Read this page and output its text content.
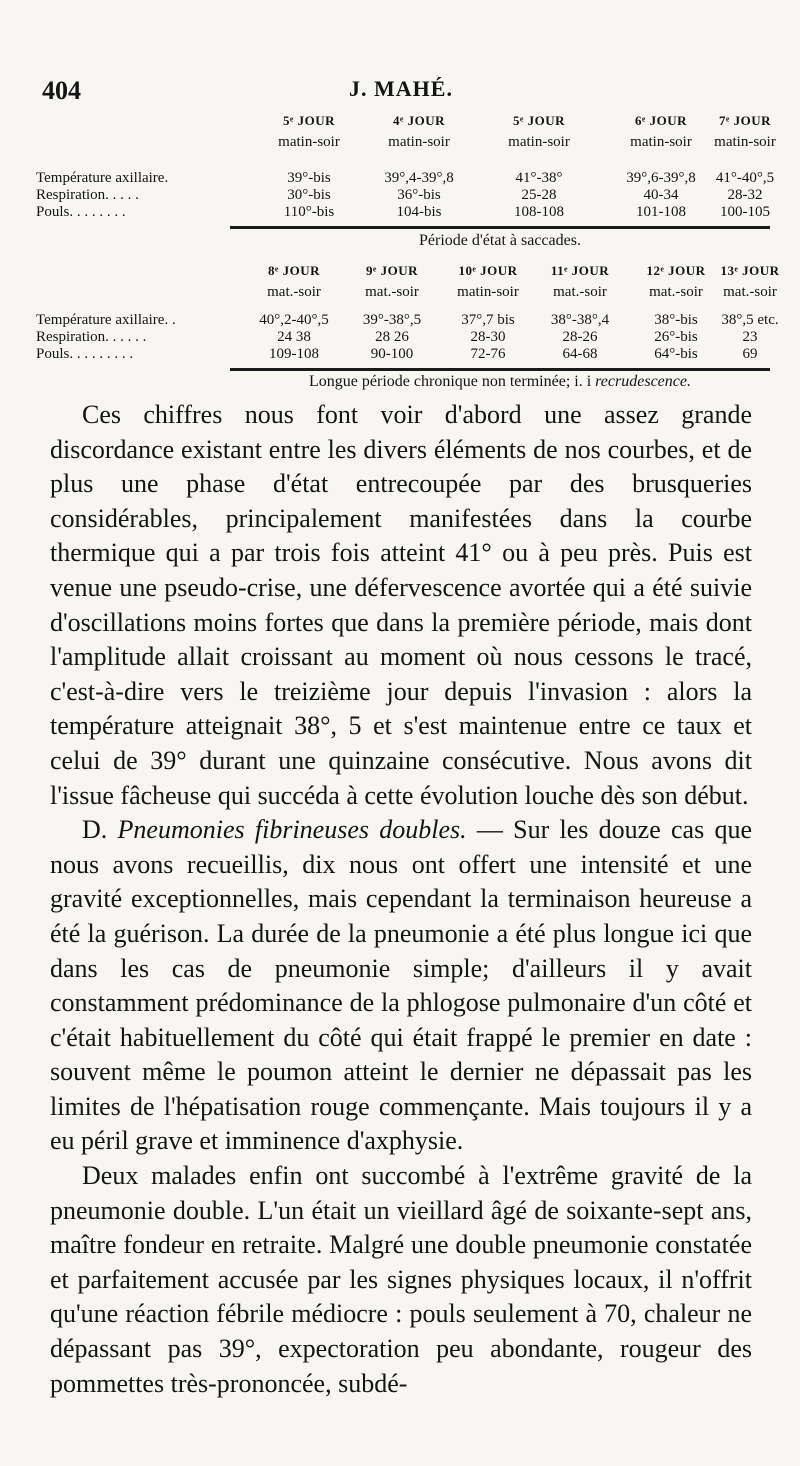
404	J. MAHÉ.
5ᵉ JOUR	4ᵉ JOUR	5ᵉ JOUR	6ᵉ JOUR	7ᵉ JOUR
matin-soir	matin-soir	matin-soir	matin-soir	matin-soir
Température axillaire.	39°-bis	39°,4-39°,8	41°-38°	39°,6-39°,8	41°-40°,5
Respiration. . . . .	30°-bis	36°-bis	25-28	40-34	28-32
Pouls. . . . . . . .	110°-bis	104-bis	108-108	101-108	100-105
Période d'état à saccades.
8ᵉ JOUR	9ᵉ JOUR	10ᵉ JOUR	11ᵉ JOUR	12ᵉ JOUR	13ᵉ JOUR
mat.-soir	mat.-soir	matin-soir	mat.-soir	mat.-soir	mat.-soir
Température axillaire. .	40°,2-40°,5	39°-38°,5	37°,7 bis	38°-38°,4	38°-bis	38°,5 etc.
Respiration. . . . . .	24 38	28 26	28-30	28-26	26°-bis	23
Pouls. . . . . . . . .	109-108	90-100	72-76	64-68	64°-bis	69
Longue période chronique non terminée; i. i recrudescence.

Ces chiffres nous font voir d'abord une assez grande discordance existant entre les divers éléments de nos courbes, et de plus une phase d'état entrecoupée par des brusqueries considérables, principalement manifestées dans la courbe thermique qui a par trois fois atteint 41° ou à peu près. Puis est venue une pseudo-crise, une défervescence avortée qui a été suivie d'oscillations moins fortes que dans la première période, mais dont l'amplitude allait croissant au moment où nous cessons le tracé, c'est-à-dire vers le treizième jour depuis l'invasion : alors la température atteignait 38°, 5 et s'est maintenue entre ce taux et celui de 39° durant une quinzaine consécutive. Nous avons dit l'issue fâcheuse qui succéda à cette évolution louche dès son début.

D. Pneumonies fibrineuses doubles. — Sur les douze cas que nous avons recueillis, dix nous ont offert une intensité et une gravité exceptionnelles, mais cependant la terminaison heureuse a été la guérison. La durée de la pneumonie a été plus longue ici que dans les cas de pneumonie simple; d'ailleurs il y avait constamment prédominance de la phlogose pulmonaire d'un côté et c'était habituellement du côté qui était frappé le premier en date : souvent même le poumon atteint le dernier ne dépassait pas les limites de l'hépatisation rouge commençante. Mais toujours il y a eu péril grave et imminence d'axphysie.

Deux malades enfin ont succombé à l'extrême gravité de la pneumonie double. L'un était un vieillard âgé de soixante-sept ans, maître fondeur en retraite. Malgré une double pneumonie constatée et parfaitement accusée par les signes physiques locaux, il n'offrit qu'une réaction fébrile médiocre : pouls seulement à 70, chaleur ne dépassant pas 39°, expectoration peu abondante, rougeur des pommettes très-prononcée, subdé-
